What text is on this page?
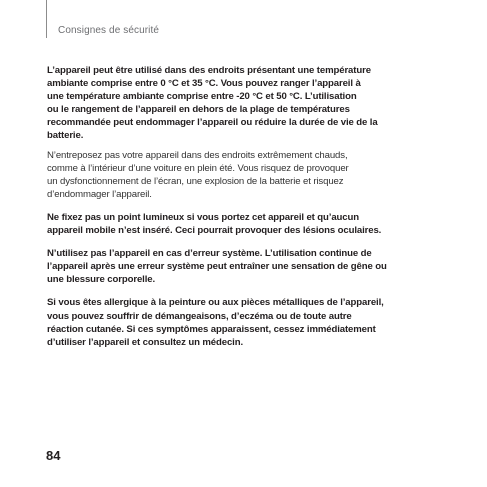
Consignes de sécurité

L’appareil peut être utilisé dans des endroits présentant une température
ambiante comprise entre 0 °C et 35 °C. Vous pouvez ranger l’appareil à
une température ambiante comprise entre -20 °C et 50 °C. L’utilisation
ou le rangement de l’appareil en dehors de la plage de températures
recommandée peut endommager l’appareil ou réduire la durée de vie de la
batterie.

N’entreposez pas votre appareil dans des endroits extrêmement chauds,
comme à l’intérieur d’une voiture en plein été. Vous risquez de provoquer
un dysfonctionnement de l’écran, une explosion de la batterie et risquez
d’endommager l’appareil.

Ne fixez pas un point lumineux si vous portez cet appareil et qu’aucun
appareil mobile n’est inséré. Ceci pourrait provoquer des lésions oculaires.

N’utilisez pas l’appareil en cas d’erreur système. L’utilisation continue de
l’appareil après une erreur système peut entraîner une sensation de gêne ou
une blessure corporelle.

Si vous êtes allergique à la peinture ou aux pièces métalliques de l’appareil,
vous pouvez souffrir de démangeaisons, d’eczéma ou de toute autre
réaction cutanée. Si ces symptômes apparaissent, cessez immédiatement
d’utiliser l’appareil et consultez un médecin.

84
